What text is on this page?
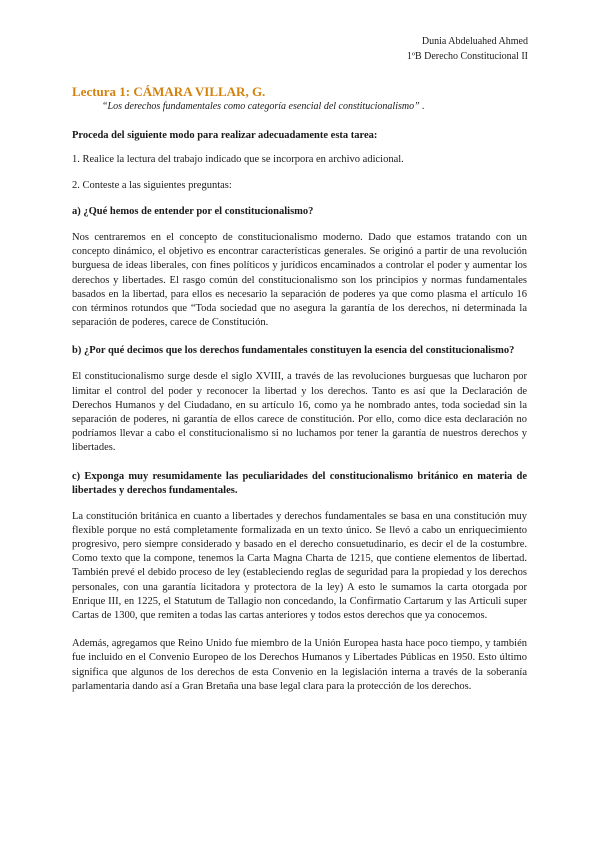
Dunia Abdeluahed Ahmed
1ºB Derecho Constitucional II

Lectura 1: CÁMARA VILLAR, G.

“Los derechos fundamentales como categoría esencial del constitucionalismo” .

Proceda del siguiente modo para realizar adecuadamente esta tarea:

1. Realice la lectura del trabajo indicado que se incorpora en archivo adicional.

2. Conteste a las siguientes preguntas:

a) ¿Qué hemos de entender por el constitucionalismo?

Nos centraremos en el concepto de constitucionalismo moderno. Dado que estamos tratando con un concepto dinámico, el objetivo es encontrar características generales. Se originó a partir de una revolución burguesa de ideas liberales, con fines políticos y jurídicos encaminados a controlar el poder y aumentar los derechos y libertades. El rasgo común del constitucionalismo son los principios y normas fundamentales basados en la libertad, para ellos es necesario la separación de poderes ya que como plasma el artículo 16 con términos rotundos que “Toda sociedad que no asegura la garantía de los derechos, ni determinada la separación de poderes, carece de Constitución.

b) ¿Por qué decimos que los derechos fundamentales constituyen la esencia del constitucionalismo?

El constitucionalismo surge desde el siglo XVIII, a través de las revoluciones burguesas que lucharon por limitar el control del poder y reconocer la libertad y los derechos. Tanto es así que la Declaración de Derechos Humanos y del Ciudadano, en su artículo 16, como ya he nombrado antes, toda sociedad sin la separación de poderes, ni garantía de ellos carece de constitución. Por ello, como dice esta declaración no podríamos llevar a cabo el constitucionalismo si no luchamos por tener la garantía de nuestros derechos y libertades.

c) Exponga muy resumidamente las peculiaridades del constitucionalismo británico en materia de libertades y derechos fundamentales.

La constitución británica en cuanto a libertades y derechos fundamentales se basa en una constitución muy flexible porque no está completamente formalizada en un texto único. Se llevó a cabo un enriquecimiento progresivo, pero siempre considerado y basado en el derecho consuetudinario, es decir el de la costumbre. Como texto que la compone, tenemos la Carta Magna Charta de 1215, que contiene elementos de libertad. También prevé el debido proceso de ley (estableciendo reglas de seguridad para la propiedad y los derechos personales, con una garantía licitadora y protectora de la ley) A esto le sumamos la carta otorgada por Enrique III, en 1225, el Statutum de Tallagio non concedando, la Confirmatio Cartarum y las Articuli super Cartas de 1300, que remiten a todas las cartas anteriores y todos estos derechos que ya conocemos.

Además, agregamos que Reino Unido fue miembro de la Unión Europea hasta hace poco tiempo, y también fue incluido en el Convenio Europeo de los Derechos Humanos y Libertades Públicas en 1950. Esto último significa que algunos de los derechos de esta Convenio en la legislación interna a través de la soberanía parlamentaria dando así a Gran Bretaña una base legal clara para la protección de los derechos.
